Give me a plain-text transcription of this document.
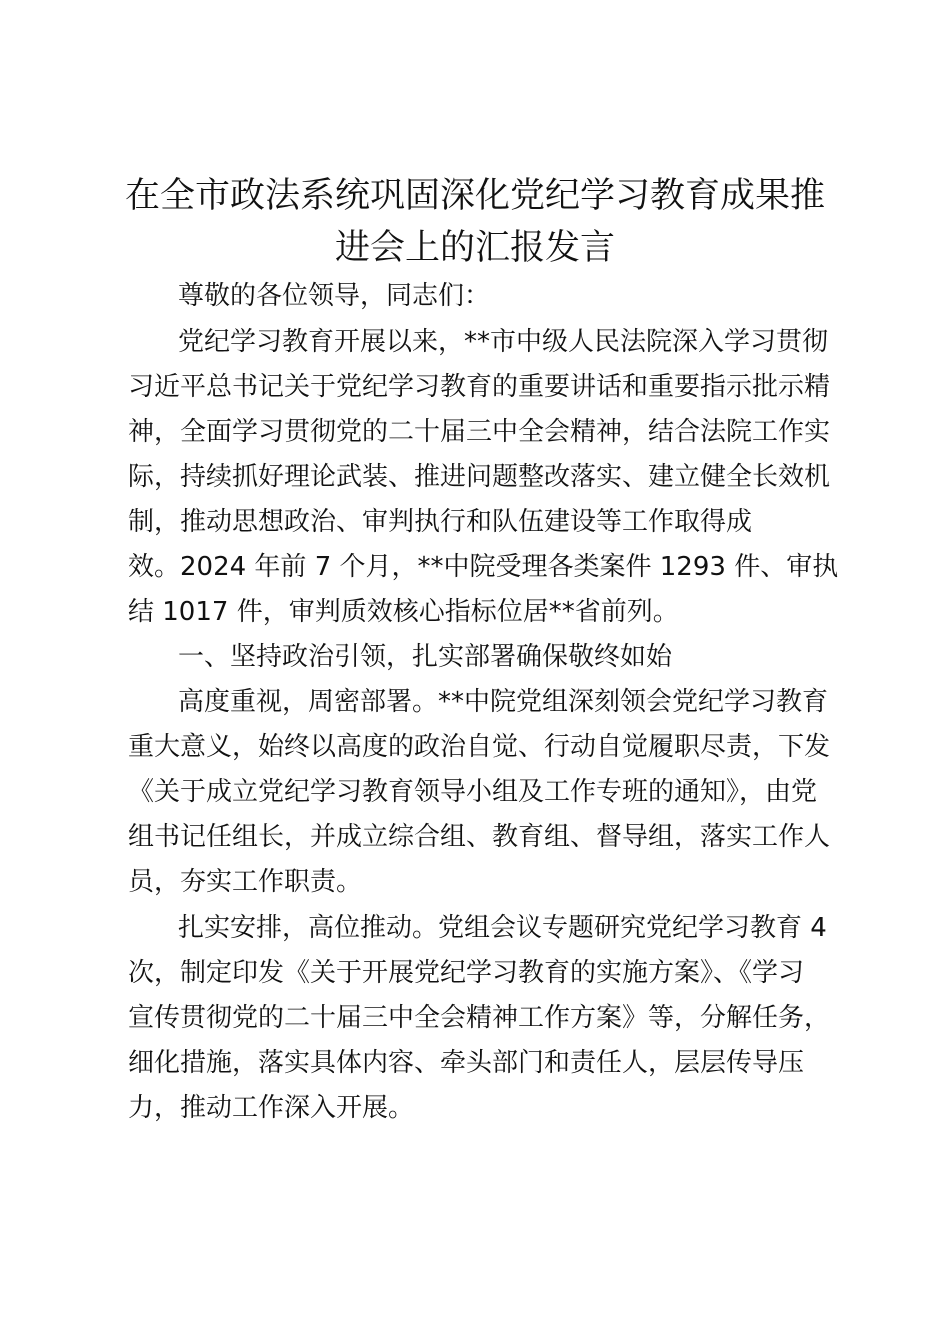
在全市政法系统巩固深化党纪学习教育成果推
进会上的汇报发言
尊敬的各位领导，同志们：
党纪学习教育开展以来，**市中级人民法院深入学习贯彻
习近平总书记关于党纪学习教育的重要讲话和重要指示批示精
神，全面学习贯彻党的二十届三中全会精神，结合法院工作实
际，持续抓好理论武装、推进问题整改落实、建立健全长效机
制，推动思想政治、审判执行和队伍建设等工作取得成
效。2024 年前 7 个月，**中院受理各类案件 1293 件、审执
结 1017 件，审判质效核心指标位居**省前列。
一、坚持政治引领，扎实部署确保敬终如始
高度重视，周密部署。**中院党组深刻领会党纪学习教育
重大意义，始终以高度的政治自觉、行动自觉履职尽责，下发
《关于成立党纪学习教育领导小组及工作专班的通知》，由党
组书记任组长，并成立综合组、教育组、督导组，落实工作人
员，夯实工作职责。
扎实安排，高位推动。党组会议专题研究党纪学习教育 4
次，制定印发《关于开展党纪学习教育的实施方案》、《学习
宣传贯彻党的二十届三中全会精神工作方案》等，分解任务，
细化措施，落实具体内容、牵头部门和责任人，层层传导压
力，推动工作深入开展。
